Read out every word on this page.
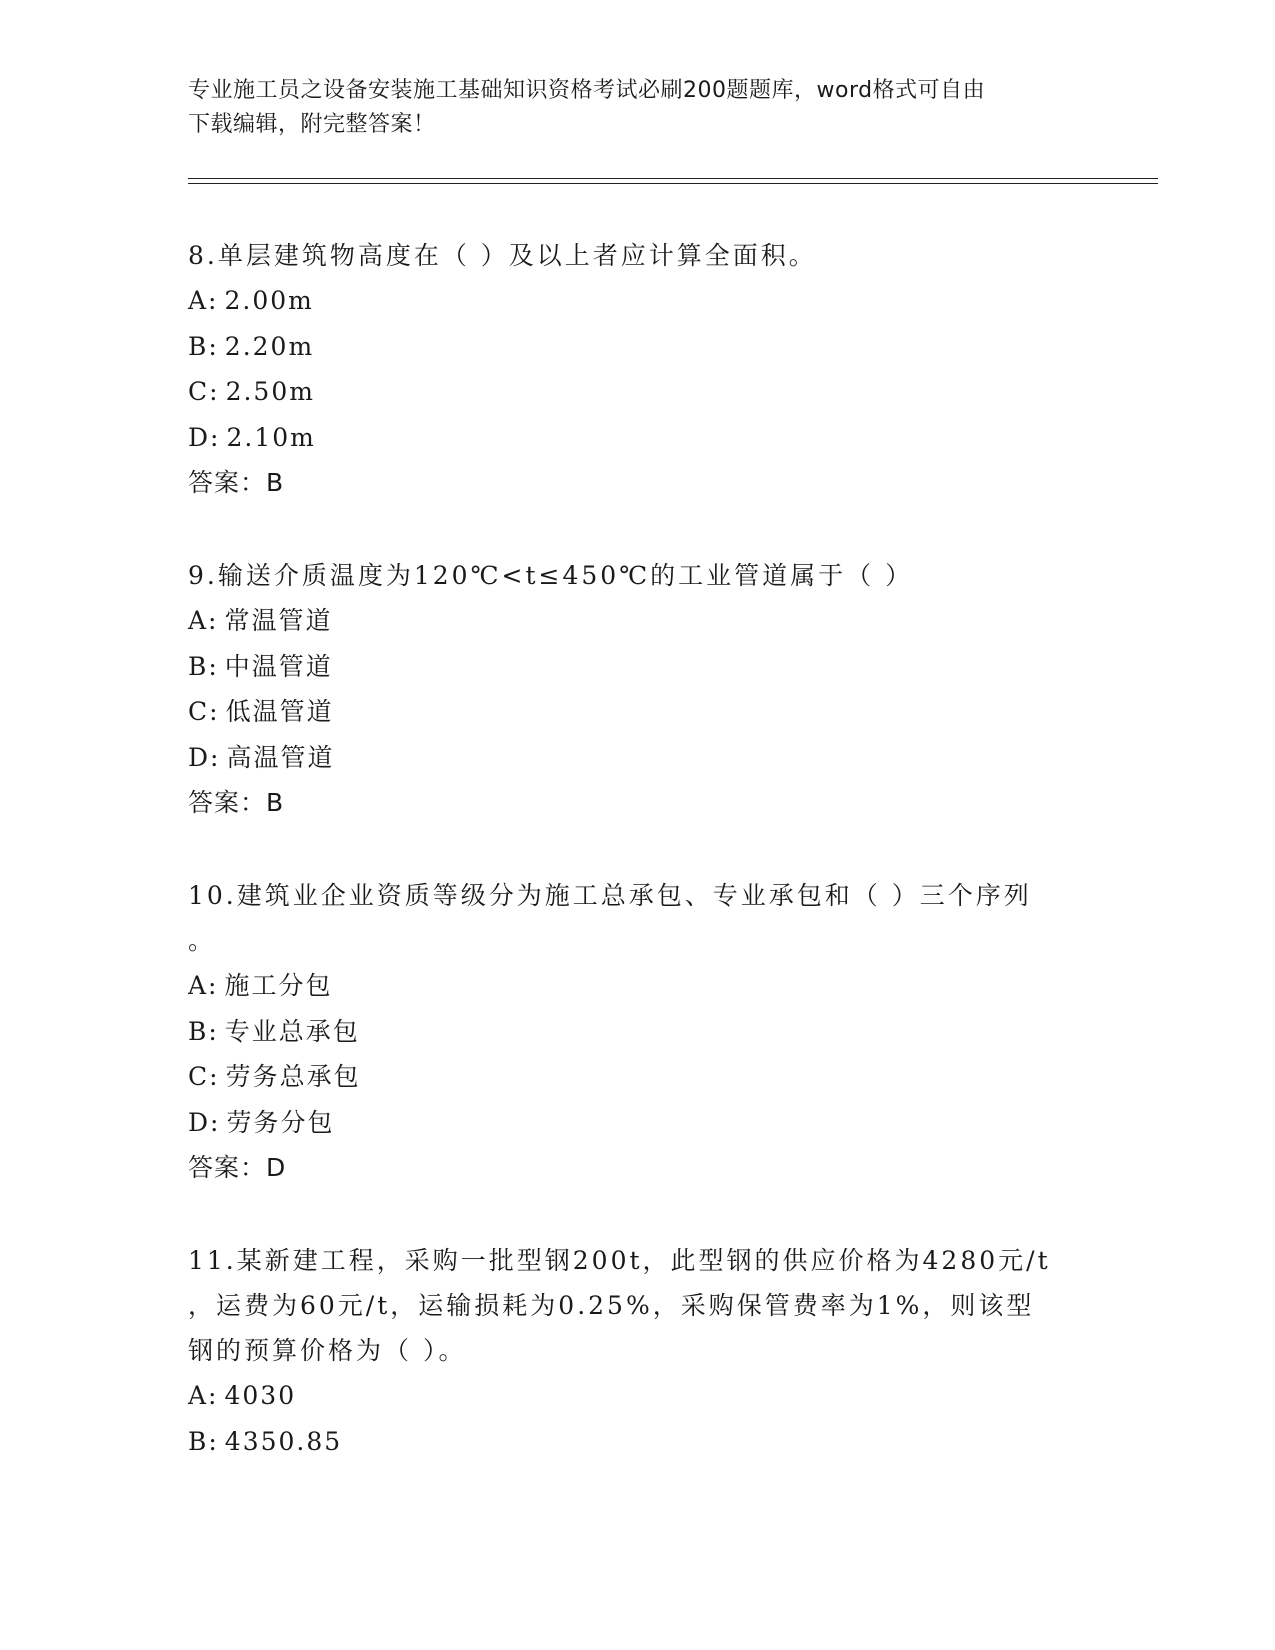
专业施工员之设备安装施工基础知识资格考试必刷200题题库，word格式可自由
下载编辑，附完整答案！

8.单层建筑物高度在（ ）及以上者应计算全面积。

A: 2.00m

B: 2.20m

C: 2.50m

D: 2.10m

答案：B

9.输送介质温度为120℃<t≤450℃的工业管道属于（ ）

A: 常温管道

B: 中温管道

C: 低温管道

D: 高温管道

答案：B

10.建筑业企业资质等级分为施工总承包、专业承包和（ ）三个序列

。

A: 施工分包

B: 专业总承包

C: 劳务总承包

D: 劳务分包

答案：D

11.某新建工程，采购一批型钢200t，此型钢的供应价格为4280元/t

，运费为60元/t，运输损耗为0.25%，采购保管费率为1%，则该型

钢的预算价格为（ ）。

A: 4030

B: 4350.85
